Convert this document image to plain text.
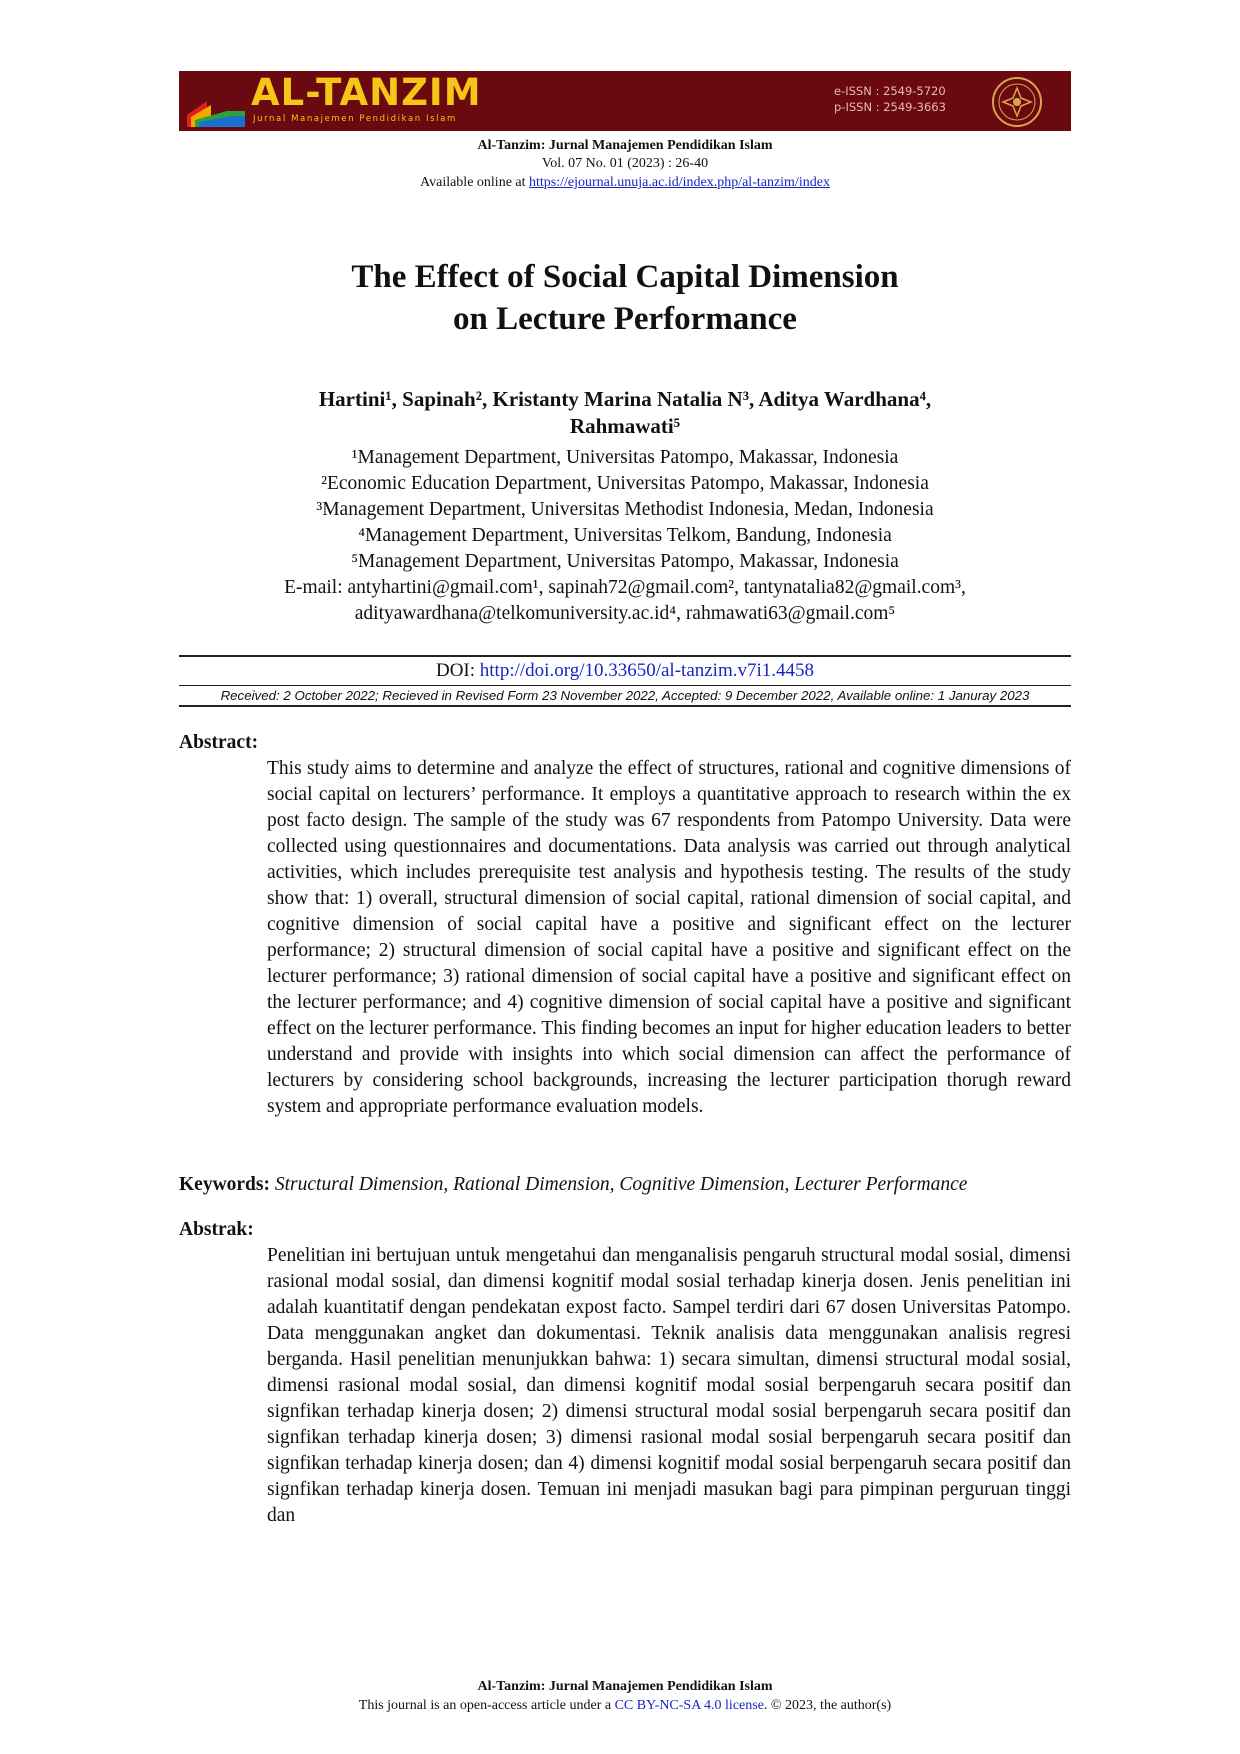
AL-TANZIM
Jurnal Manajemen Pendidikan Islam
e-ISSN : 2549-5720
p-ISSN : 2549-3663
Al-Tanzim: Jurnal Manajemen Pendidikan Islam
Vol. 07 No. 01 (2023) : 26-40
Available online at https://ejournal.unuja.ac.id/index.php/al-tanzim/index
The Effect of Social Capital Dimension
on Lecture Performance
Hartini¹, Sapinah², Kristanty Marina Natalia N³, Aditya Wardhana⁴,
Rahmawati⁵
¹Management Department, Universitas Patompo, Makassar, Indonesia
²Economic Education Department, Universitas Patompo, Makassar, Indonesia
³Management Department, Universitas Methodist Indonesia, Medan, Indonesia
⁴Management Department, Universitas Telkom, Bandung, Indonesia
⁵Management Department, Universitas Patompo, Makassar, Indonesia
E-mail: antyhartini@gmail.com¹, sapinah72@gmail.com², tantynatalia82@gmail.com³,
adityawardhana@telkomuniversity.ac.id⁴, rahmawati63@gmail.com⁵
DOI: http://doi.org/10.33650/al-tanzim.v7i1.4458
Received: 2 October 2022; Recieved in Revised Form 23 November 2022, Accepted: 9 December 2022, Available online: 1 Januray 2023
Abstract:
This study aims to determine and analyze the effect of structures, rational and cognitive dimensions of social capital on lecturers’ performance. It employs a quantitative approach to research within the ex post facto design. The sample of the study was 67 respondents from Patompo University. Data were collected using questionnaires and documentations. Data analysis was carried out through analytical activities, which includes prerequisite test analysis and hypothesis testing. The results of the study show that: 1) overall, structural dimension of social capital, rational dimension of social capital, and cognitive dimension of social capital have a positive and significant effect on the lecturer performance; 2) structural dimension of social capital have a positive and significant effect on the lecturer performance; 3) rational dimension of social capital have a positive and significant effect on the lecturer performance; and 4) cognitive dimension of social capital have a positive and significant effect on the lecturer performance. This finding becomes an input for higher education leaders to better understand and provide with insights into which social dimension can affect the performance of lecturers by considering school backgrounds, increasing the lecturer participation thorugh reward system and appropriate performance evaluation models.
Keywords: Structural Dimension, Rational Dimension, Cognitive Dimension, Lecturer Performance
Abstrak:
Penelitian ini bertujuan untuk mengetahui dan menganalisis pengaruh structural modal sosial, dimensi rasional modal sosial, dan dimensi kognitif modal sosial terhadap kinerja dosen. Jenis penelitian ini adalah kuantitatif dengan pendekatan expost facto. Sampel terdiri dari 67 dosen Universitas Patompo. Data menggunakan angket dan dokumentasi. Teknik analisis data menggunakan analisis regresi berganda. Hasil penelitian menunjukkan bahwa: 1) secara simultan, dimensi structural modal sosial, dimensi rasional modal sosial, dan dimensi kognitif modal sosial berpengaruh secara positif dan signfikan terhadap kinerja dosen; 2) dimensi structural modal sosial berpengaruh secara positif dan signfikan terhadap kinerja dosen; 3) dimensi rasional modal sosial berpengaruh secara positif dan signfikan terhadap kinerja dosen; dan 4) dimensi kognitif modal sosial berpengaruh secara positif dan signfikan terhadap kinerja dosen. Temuan ini menjadi masukan bagi para pimpinan perguruan tinggi dan
Al-Tanzim: Jurnal Manajemen Pendidikan Islam
This journal is an open-access article under a CC BY-NC-SA 4.0 license. © 2023, the author(s)
